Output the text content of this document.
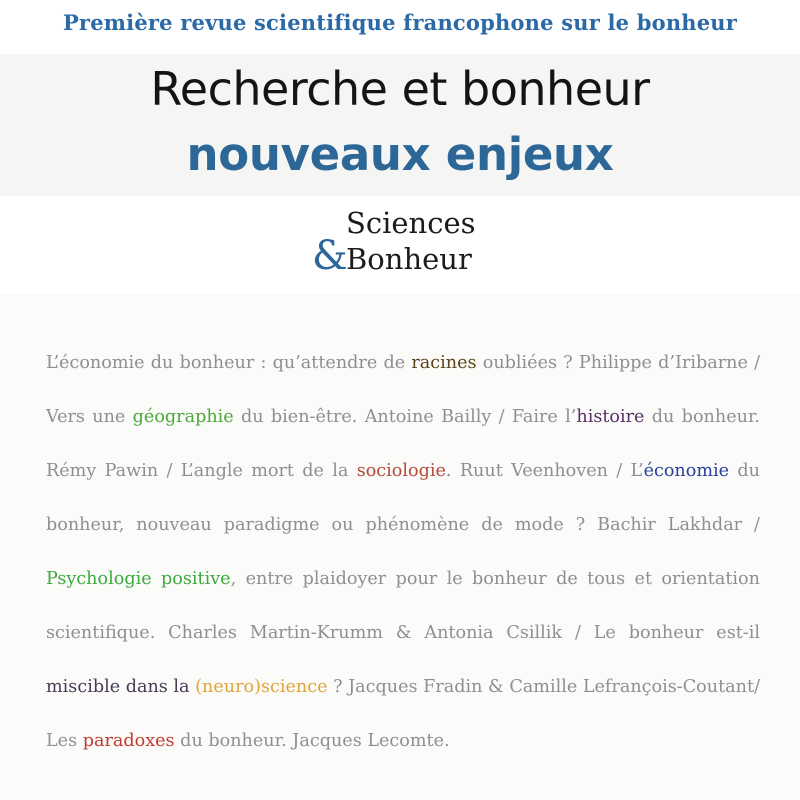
Première revue scientifique francophone sur le bonheur
Recherche et bonheur
nouveaux enjeux
Sciences
&
Bonheur

L’économie du bonheur : qu’attendre de racines oubliées ? Philippe d’Iribarne / Vers une géographie du bien-être. Antoine Bailly / Faire l’histoire du bonheur. Rémy Pawin / L’angle mort de la sociologie. Ruut Veenhoven / L’économie du bonheur, nouveau paradigme ou phénomène de mode ? Bachir Lakhdar / Psychologie positive, entre plaidoyer pour le bonheur de tous et orientation scientifique. Charles Martin-Krumm & Antonia Csillik / Le bonheur est-il miscible dans la (neuro)science ? Jacques Fradin & Camille Lefrançois-Coutant/ Les paradoxes du bonheur. Jacques Lecomte.
